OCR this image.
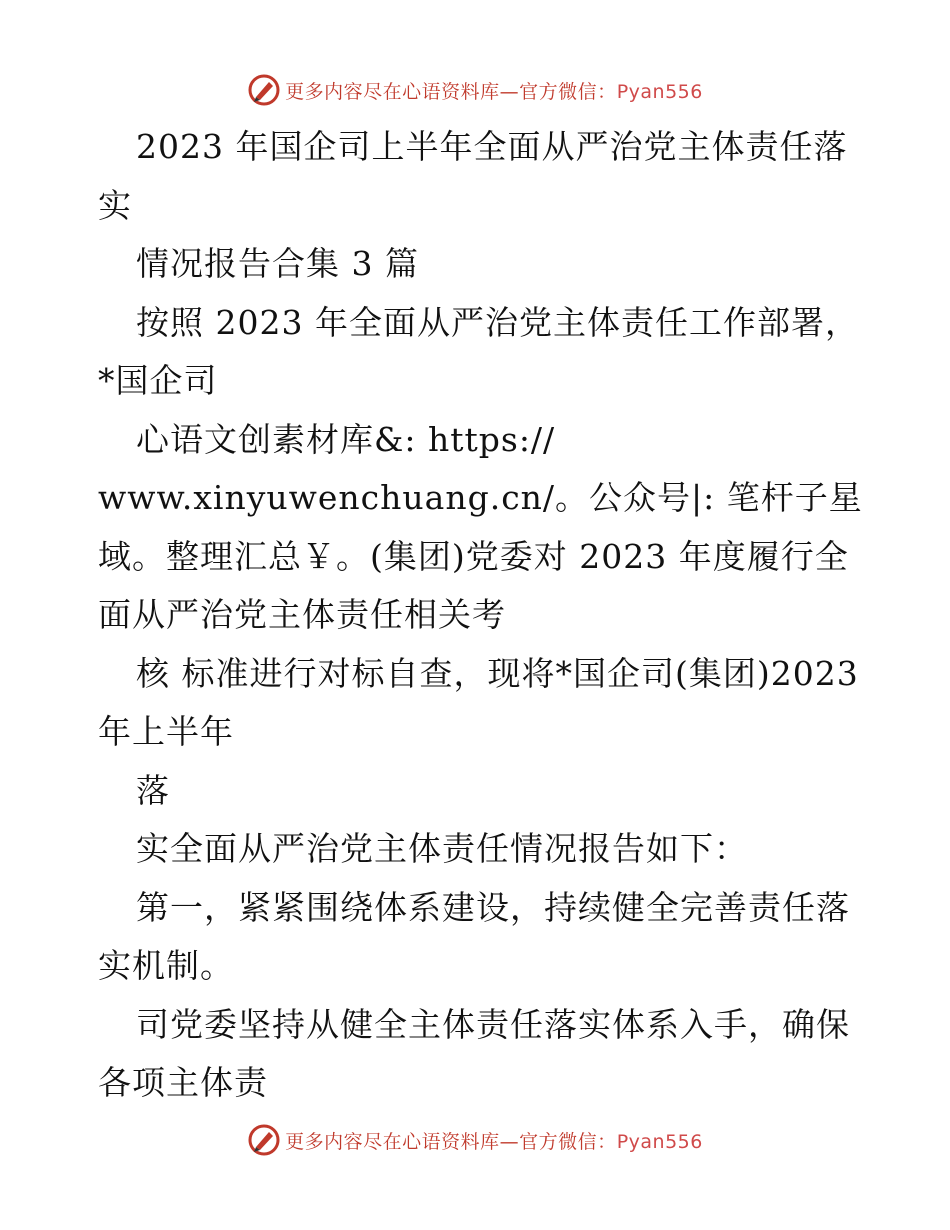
更多内容尽在心语资料库—官方微信：Pyan556
2023 年国企司上半年全面从严治党主体责任落
实
情况报告合集 3 篇
按照 2023 年全面从严治党主体责任工作部署，
*国企司
心语文创素材库&: https://
www.xinyuwenchuang.cn/。公众号|: 笔杆子星
域。整理汇总￥。(集团)党委对 2023 年度履行全
面从严治党主体责任相关考
核 标准进行对标自查，现将*国企司(集团)2023
年上半年
落
实全面从严治党主体责任情况报告如下：
第一，紧紧围绕体系建设，持续健全完善责任落
实机制。
司党委坚持从健全主体责任落实体系入手，确保
各项主体责
更多内容尽在心语资料库—官方微信：Pyan556
